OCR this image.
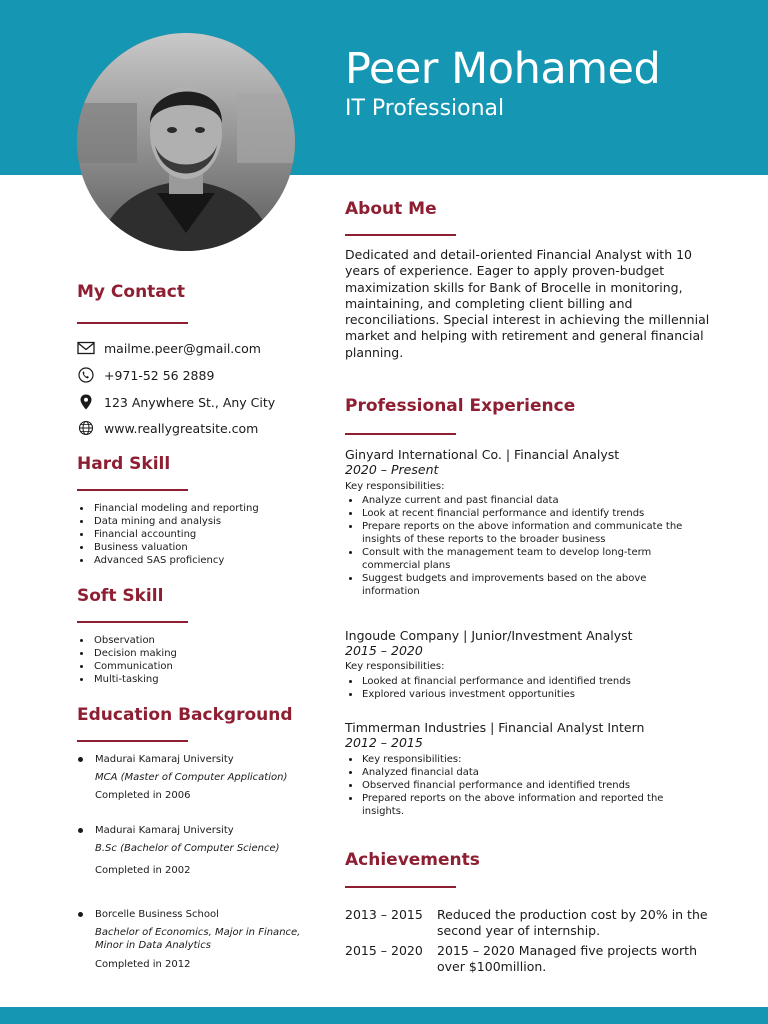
Peer Mohamed
IT Professional
My Contact
mailme.peer@gmail.com
+971-52 56 2889
123 Anywhere St., Any City
www.reallygreatsite.com
Hard Skill
Financial modeling and reporting
Data mining and analysis
Financial accounting
Business valuation
Advanced SAS proficiency
Soft Skill
Observation
Decision making
Communication
Multi-tasking
Education Background
Madurai Kamaraj University
MCA (Master of Computer Application)
Completed in 2006
Madurai Kamaraj University
B.Sc (Bachelor of Computer Science)
Completed in 2002
Borcelle Business School
Bachelor of Economics, Major in Finance, Minor in Data Analytics
Completed in 2012
About Me
Dedicated and detail-oriented Financial Analyst with 10 years of experience. Eager to apply proven-budget maximization skills for Bank of Brocelle in monitoring, maintaining, and completing client billing and reconciliations. Special interest in achieving the millennial market and helping with retirement and general financial planning.
Professional Experience
Ginyard International Co. | Financial Analyst
2020 – Present
Key responsibilities:
Analyze current and past financial data
Look at recent financial performance and identify trends
Prepare reports on the above information and communicate the insights of these reports to the broader business
Consult with the management team to develop long-term commercial plans
Suggest budgets and improvements based on the above information
Ingoude Company | Junior/Investment Analyst
2015 – 2020
Key responsibilities:
Looked at financial performance and identified trends
Explored various investment opportunities
Timmerman Industries | Financial Analyst Intern
2012 – 2015
Key responsibilities:
Analyzed financial data
Observed financial performance and identified trends
Prepared reports on the above information and reported the insights.
Achievements
2013 – 2015 Reduced the production cost by 20% in the second year of internship.
2015 – 2020 2015 – 2020 Managed five projects worth over $100million.
